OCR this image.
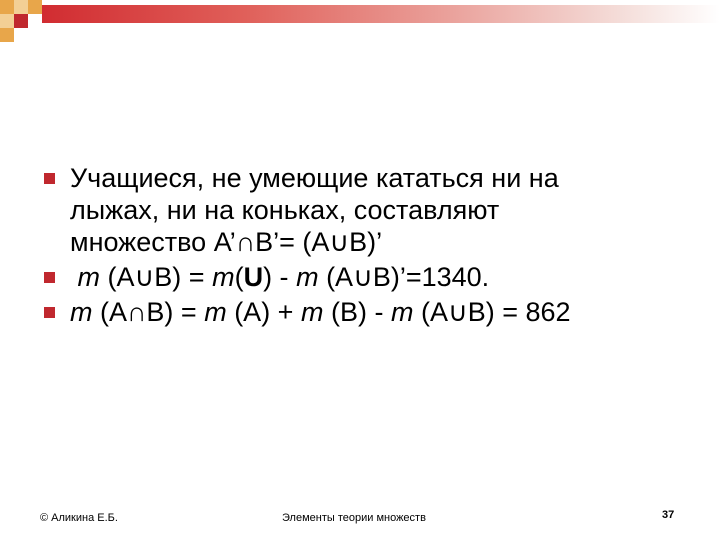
Учащиеся, не умеющие кататься ни на
лыжах, ни на коньках, составляют
множество A’∩B’= (A∪B)’
m (A∪B) = m(U) - m (A∪B)’=1340.
m (A∩B) = m (A) + m (B) - m (A∪B) = 862
© Аликина Е.Б.	Элементы теории множеств	37
